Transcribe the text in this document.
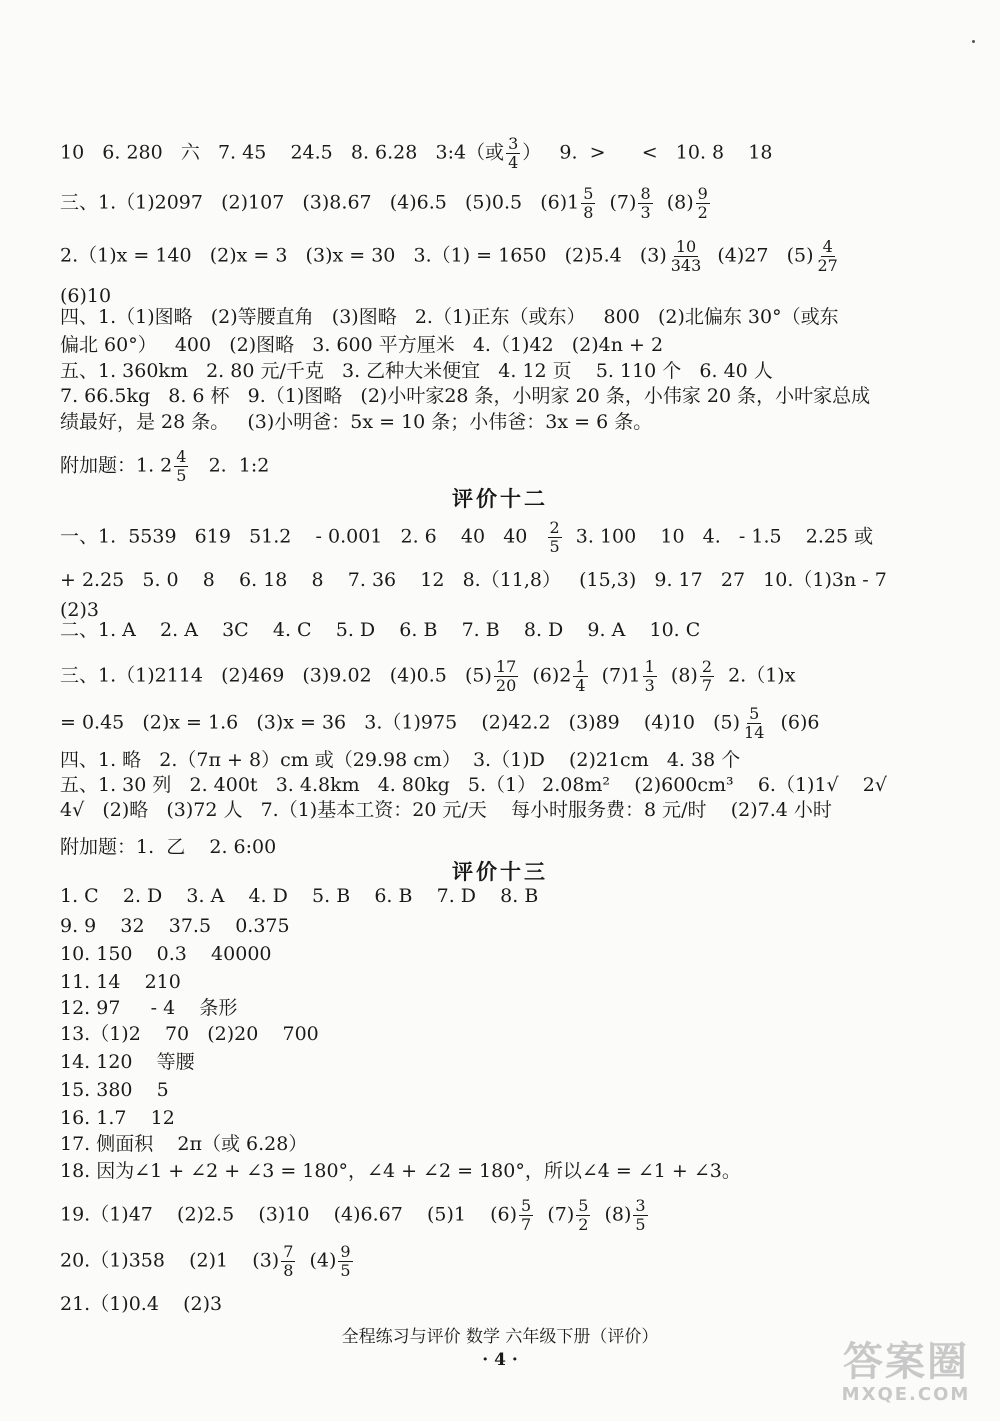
10   6. 280   六   7. 45    24.5   8. 6.28   3:4（或 $\frac{3}{4}$ ）   9.  >      <   10. 8    18
三、1.（1)2097   (2)107   (3)8.67   (4)6.5   (5)0.5   $(6)1 \frac{5}{8} (7) \frac{8}{3} (8) \frac{9}{2}$
2.（1)x = 140   (2)x = 3   (3)x = 30   3.（1) = 1650   (2)5.4   $(3) \frac{10}{343} (4)27$   $(5) \frac{4}{27}$
(6)10
四、1.（1)图略   (2)等腰直角   (3)图略   2.（1)正东（或东）   800   (2)北偏东 30°（或东
偏北 60°）   400   (2)图略   3. 600 平方厘米   4.（1)42   (2)4n + 2
五、1. 360km   2. 80 元/千克   3. 乙种大米便宜   4. 12 页    5. 110 个   6. 40 人
7. 66.5kg   8. 6 杯   9.（1)图略   (2)小叶家28 条，小明家 20 条，小伟家 20 条，小叶家总成
绩最好，是 28 条。   (3)小明爸：5x = 10 条；小伟爸：3x = 6 条。
附加题：1. $2 \frac{4}{5} 2$.  1:2
一、1.  5539   619   51.2    - 0.001   2. 6    40   $40 \frac{2}{5} 3$. 100    10   4.   - 1.5    2.25 或
+ 2.25   5. 0    8    6. 18    8    7. 36    12   8.（11,8）   (15,3)   9. 17   27   10.（1)3n - 7
(2)3
二、1. A    2. A    3C    4. C    5. D    6. B    7. B    8. D    9. A    10. C
三、1.（1)2114   (2)469   (3)9.02   (4)0.5   $(5) \frac{17}{20} (6)2 \frac{1}{4} (7)1 \frac{1}{3} (8) \frac{2}{7} 2.(1)x$
= 0.45   (2)x = 1.6   (3)x = 36   3.（1)975    (2)42.2   (3)89    (4)10   $(5) \frac{5}{14} (6)6$
四、1. 略   2.（7π + 8）cm 或（29.98 cm）  3.（1)D    (2)21cm   4. 38 个
五、1. 30 列   2. 400t   3. 4.8km   4. 80kg   5.（1） 2.08m²    (2)600cm³    6.（1)1√    2√
4√   (2)略   (3)72 人   7.（1)基本工资：20 元/天    每小时服务费：8 元/时    (2)7.4 小时
附加题：1.  乙    2. 6:00
1. C    2. D    3. A    4. D    5. B    6. B    7. D    8. B
9. 9    32    37.5    0.375
10. 150    0.3    40000
11. 14    210
12. 97     - 4    条形
13.（1)2    70   (2)20    700
14. 120    等腰
15. 380    5
16. 1.7    12
17. 侧面积    2π（或 6.28）
18. 因为∠1 + ∠2 + ∠3 = 180°，∠4 + ∠2 = 180°，所以∠4 = ∠1 + ∠3。
19.（1)47    (2)2.5    (3)10    (4)6.67    (5)1    $(6) \frac{5}{7} (7) \frac{5}{2} (8) \frac{3}{5}$
20.（1)358    (2)1    $(3) \frac{7}{8} (4) \frac{9}{5}$
21.（1)0.4    (2)3
评价十二
评价十三
全程练习与评价 数学 六年级下册（评价）
· 4 ·	答案圈
MXQE.COM
